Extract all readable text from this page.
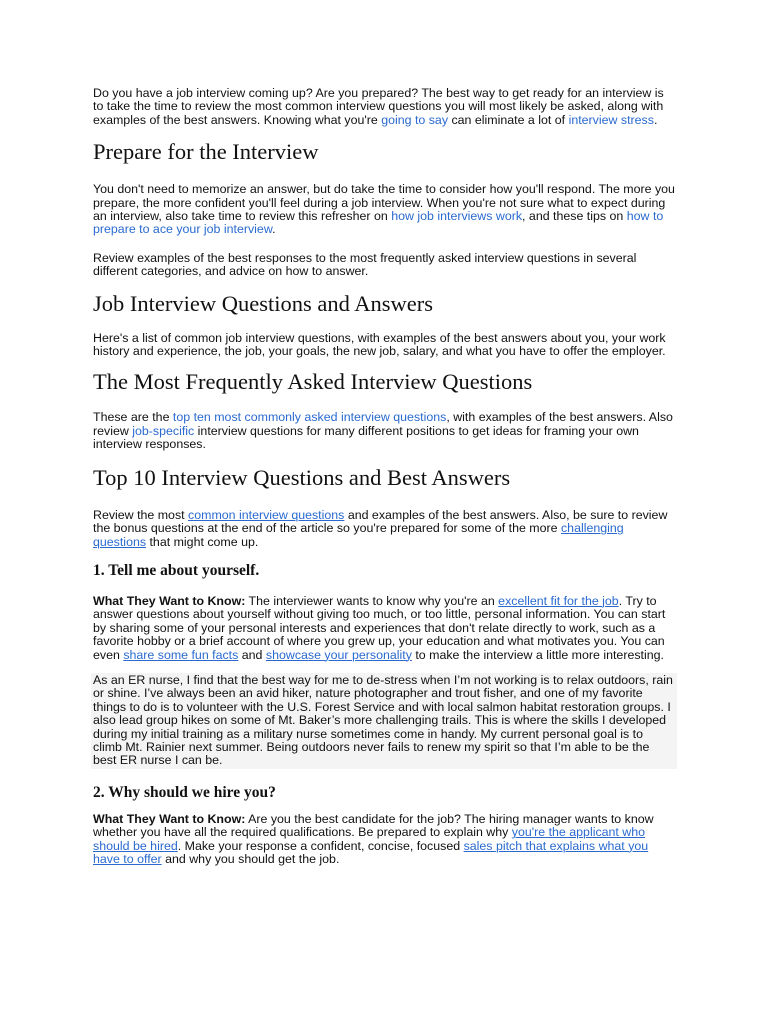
Do you have a job interview coming up? Are you prepared? The best way to get ready for an interview is to take the time to review the most common interview questions you will most likely be asked, along with examples of the best answers. Knowing what you're going to say can eliminate a lot of interview stress.

Prepare for the Interview

You don't need to memorize an answer, but do take the time to consider how you'll respond. The more you prepare, the more confident you'll feel during a job interview. When you're not sure what to expect during an interview, also take time to review this refresher on how job interviews work, and these tips on how to prepare to ace your job interview.

Review examples of the best responses to the most frequently asked interview questions in several different categories, and advice on how to answer.

Job Interview Questions and Answers

Here's a list of common job interview questions, with examples of the best answers about you, your work history and experience, the job, your goals, the new job, salary, and what you have to offer the employer.

The Most Frequently Asked Interview Questions

These are the top ten most commonly asked interview questions, with examples of the best answers. Also review job-specific interview questions for many different positions to get ideas for framing your own interview responses.

Top 10 Interview Questions and Best Answers

Review the most common interview questions and examples of the best answers. Also, be sure to review the bonus questions at the end of the article so you're prepared for some of the more challenging questions that might come up.

1. Tell me about yourself.

What They Want to Know: The interviewer wants to know why you're an excellent fit for the job. Try to answer questions about yourself without giving too much, or too little, personal information. You can start by sharing some of your personal interests and experiences that don't relate directly to work, such as a favorite hobby or a brief account of where you grew up, your education and what motivates you. You can even share some fun facts and showcase your personality to make the interview a little more interesting.

As an ER nurse, I find that the best way for me to de-stress when I’m not working is to relax outdoors, rain or shine. I’ve always been an avid hiker, nature photographer and trout fisher, and one of my favorite things to do is to volunteer with the U.S. Forest Service and with local salmon habitat restoration groups. I also lead group hikes on some of Mt. Baker’s more challenging trails. This is where the skills I developed during my initial training as a military nurse sometimes come in handy. My current personal goal is to climb Mt. Rainier next summer. Being outdoors never fails to renew my spirit so that I’m able to be the best ER nurse I can be.

2. Why should we hire you?

What They Want to Know: Are you the best candidate for the job? The hiring manager wants to know whether you have all the required qualifications. Be prepared to explain why you're the applicant who should be hired. Make your response a confident, concise, focused sales pitch that explains what you have to offer and why you should get the job.
